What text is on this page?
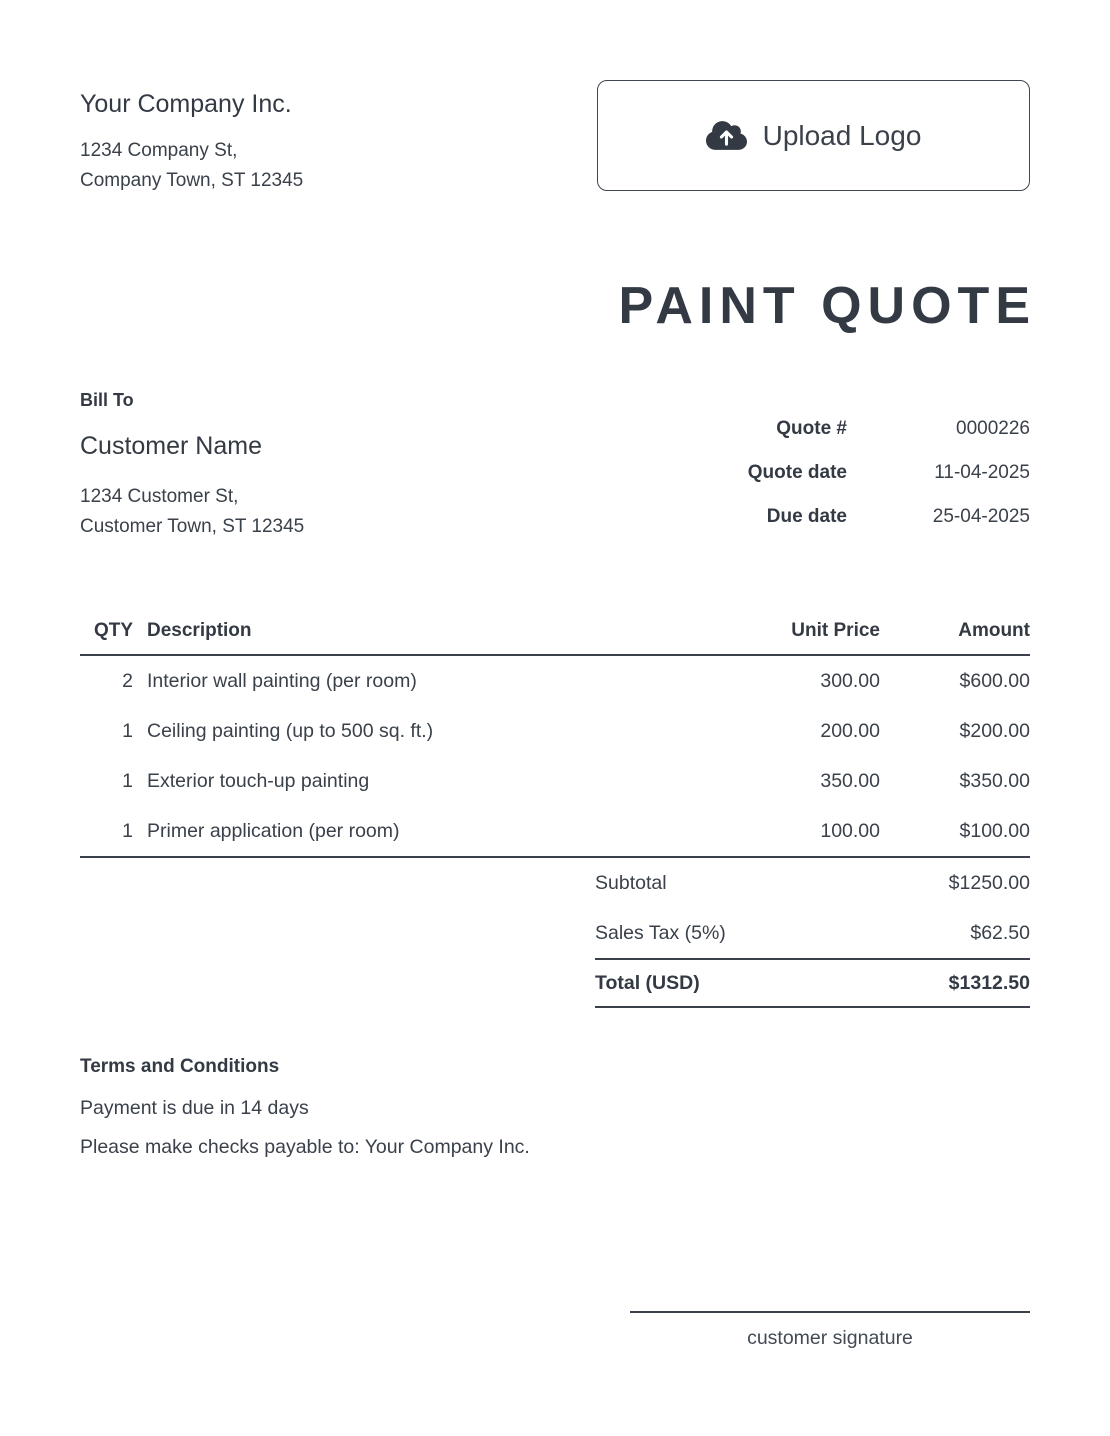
Your Company Inc.
1234 Company St,
Company Town, ST 12345
Upload Logo
PAINT QUOTE
Bill To
Customer Name
1234 Customer St,
Customer Town, ST 12345
Quote #	0000226
Quote date	11-04-2025
Due date	25-04-2025
QTY Description	Unit Price	Amount
2 Interior wall painting (per room)	300.00	$600.00
1 Ceiling painting (up to 500 sq. ft.)	200.00	$200.00
1 Exterior touch-up painting	350.00	$350.00
1 Primer application (per room)	100.00	$100.00
Subtotal	$1250.00
Sales Tax (5%)	$62.50
Total (USD)	$1312.50
Terms and Conditions
Payment is due in 14 days
Please make checks payable to: Your Company Inc.
customer signature
